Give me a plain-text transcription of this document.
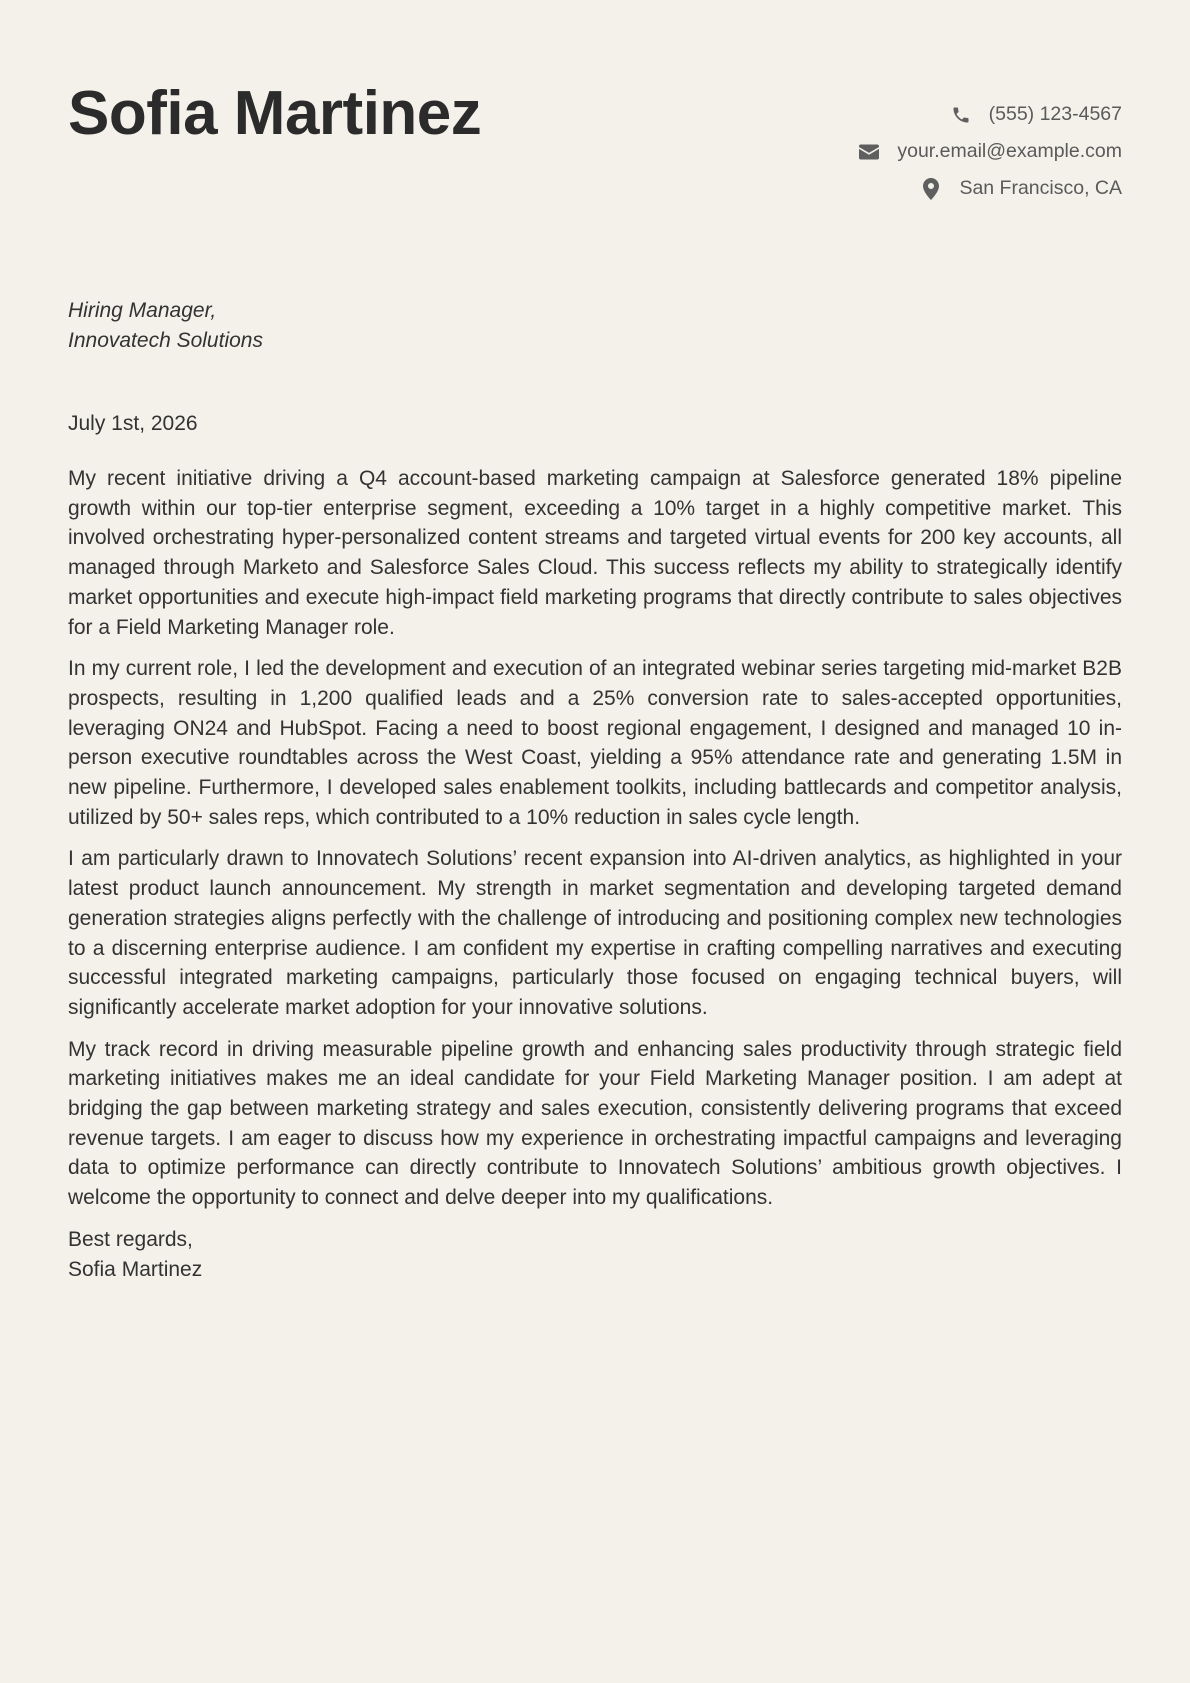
Sofia Martinez	(555) 123-4567
your.email@example.com
San Francisco, CA
Hiring Manager,
Innovatech Solutions
July 1st, 2026

My recent initiative driving a Q4 account-based marketing campaign at Salesforce generated 18% pipeline growth within our top-tier enterprise segment, exceeding a 10% target in a highly competitive market. This involved orchestrating hyper-personalized content streams and targeted virtual events for 200 key accounts, all managed through Marketo and Salesforce Sales Cloud. This success reflects my ability to strategically identify market opportunities and execute high-impact field marketing programs that directly contribute to sales objectives for a Field Marketing Manager role.

In my current role, I led the development and execution of an integrated webinar series targeting mid-market B2B prospects, resulting in 1,200 qualified leads and a 25% conversion rate to sales-accepted opportunities, leveraging ON24 and HubSpot. Facing a need to boost regional engagement, I designed and managed 10 in-person executive roundtables across the West Coast, yielding a 95% attendance rate and generating 1.5M in new pipeline. Furthermore, I developed sales enablement toolkits, including battlecards and competitor analysis, utilized by 50+ sales reps, which contributed to a 10% reduction in sales cycle length.

I am particularly drawn to Innovatech Solutions’ recent expansion into AI-driven analytics, as highlighted in your latest product launch announcement. My strength in market segmentation and developing targeted demand generation strategies aligns perfectly with the challenge of introducing and positioning complex new technologies to a discerning enterprise audience. I am confident my expertise in crafting compelling narratives and executing successful integrated marketing campaigns, particularly those focused on engaging technical buyers, will significantly accelerate market adoption for your innovative solutions.

My track record in driving measurable pipeline growth and enhancing sales productivity through strategic field marketing initiatives makes me an ideal candidate for your Field Marketing Manager position. I am adept at bridging the gap between marketing strategy and sales execution, consistently delivering programs that exceed revenue targets. I am eager to discuss how my experience in orchestrating impactful campaigns and leveraging data to optimize performance can directly contribute to Innovatech Solutions’ ambitious growth objectives. I welcome the opportunity to connect and delve deeper into my qualifications.

Best regards,
Sofia Martinez
